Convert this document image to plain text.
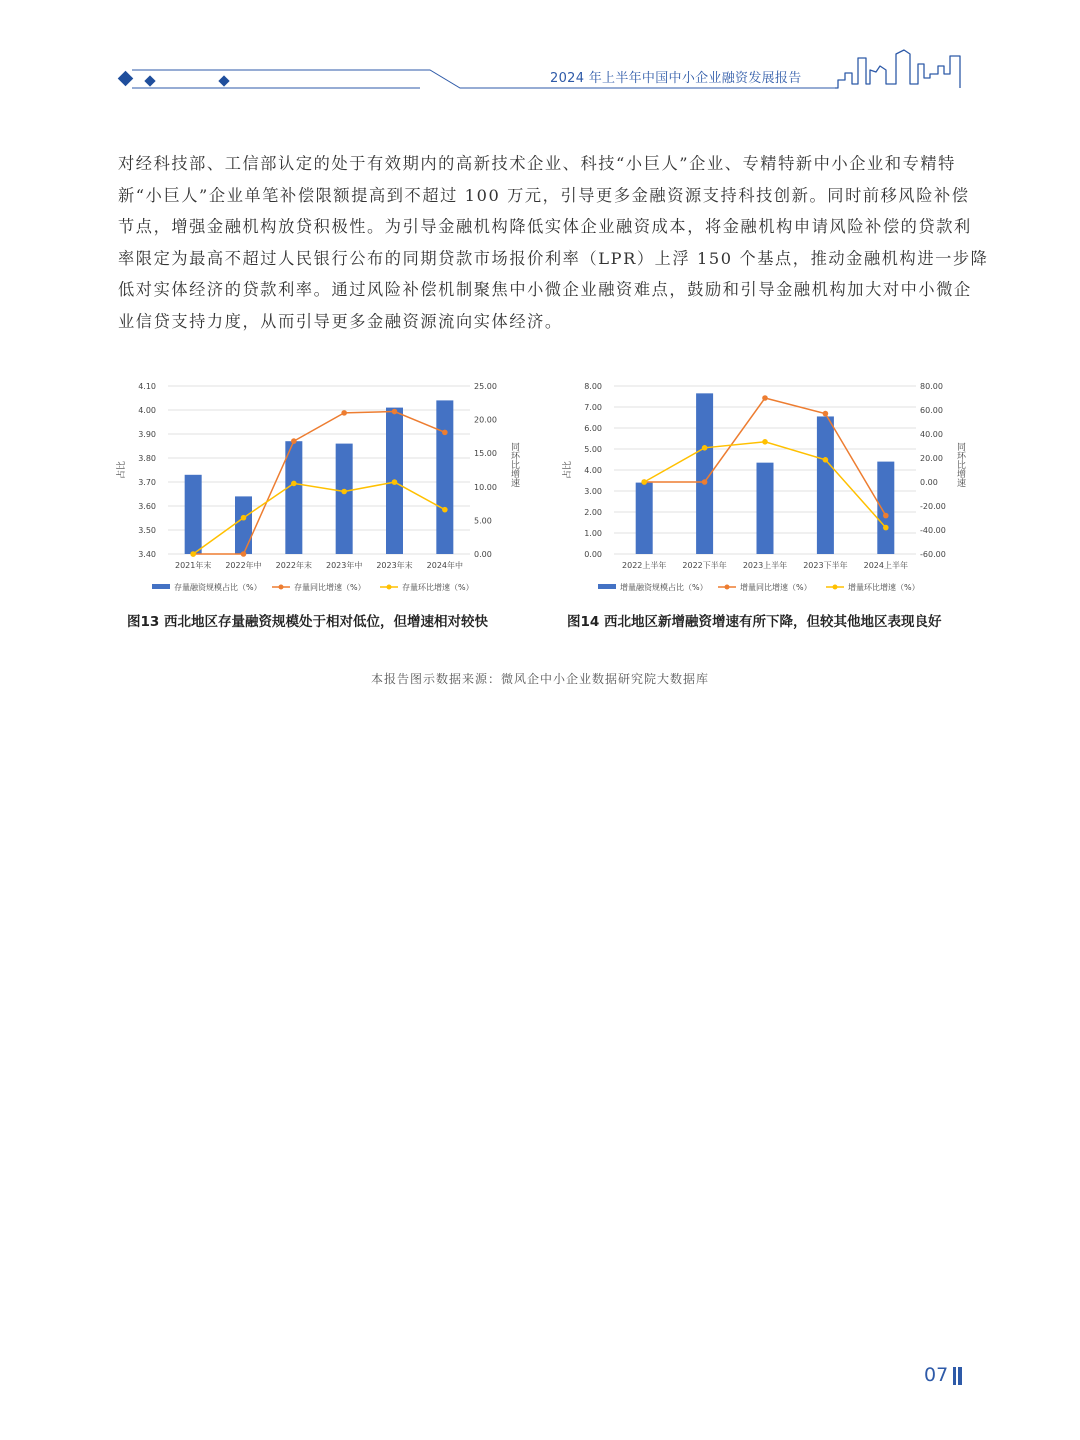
2024 年上半年中国中小企业融资发展报告
对经科技部、工信部认定的处于有效期内的高新技术企业、科技“小巨人”企业、专精特新中小企业和专精特
新“小巨人”企业单笔补偿限额提高到不超过 100 万元，引导更多金融资源支持科技创新。同时前移风险补偿
节点，增强金融机构放贷积极性。为引导金融机构降低实体企业融资成本，将金融机构申请风险补偿的贷款利
率限定为最高不超过人民银行公布的同期贷款市场报价利率（LPR）上浮 150 个基点，推动金融机构进一步降
低对实体经济的贷款利率。通过风险补偿机制聚焦中小微企业融资难点，鼓励和引导金融机构加大对中小微企
业信贷支持力度，从而引导更多金融资源流向实体经济。
3.40
3.50
3.60
3.70
3.80
3.90
4.00
4.10
0.00
5.00
10.00
15.00
20.00
25.00
占比	同环比增速
2021年末 2022年中 2022年末 2023年中 2023年末 2024年中
存量融资规模占比（%）	存量同比增速（%）	存量环比增速（%）
0.00
1.00
2.00
3.00
4.00
5.00
6.00
7.00
8.00
-60.00
-40.00
-20.00
0.00
20.00
40.00
60.00
80.00
占比	同环比增速
2022上半年 2022下半年 2023上半年 2023下半年 2024上半年
增量融资规模占比（%）	增量同比增速（%）	增量环比增速（%）
图13 西北地区存量融资规模处于相对低位，但增速相对较快	图14 西北地区新增融资增速有所下降，但较其他地区表现良好
本报告图示数据来源：微风企中小企业数据研究院大数据库
07
